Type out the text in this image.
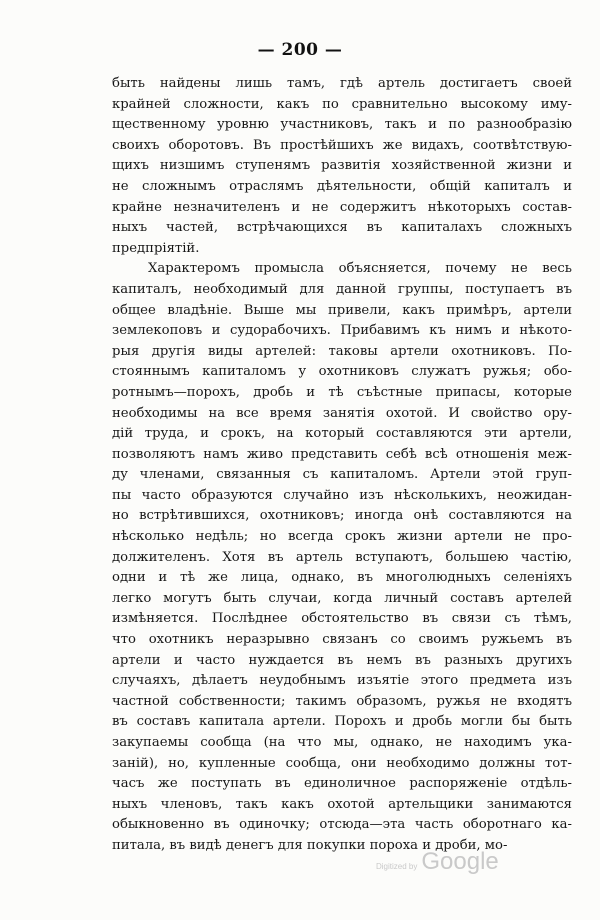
— 200 —
быть найдены лишь тамъ, гдѣ артель достигаетъ своей
крайней сложности, какъ по сравнительно высокому иму-
щественному уровню участниковъ, такъ и по разнообразію
своихъ оборотовъ. Въ простѣйшихъ же видахъ, соотвѣтствую-
щихъ низшимъ ступенямъ развитія хозяйственной жизни и
не сложнымъ отраслямъ дѣятельности, общій капиталъ и
крайне незначителенъ и не содержитъ нѣкоторыхъ состав-
ныхъ частей, встрѣчающихся въ капиталахъ сложныхъ
предпріятій.
Характеромъ промысла объясняется, почему не весь
капиталъ, необходимый для данной группы, поступаетъ въ
общее владѣніе. Выше мы привели, какъ примѣръ, артели
землекоповъ и судорабочихъ. Прибавимъ къ нимъ и нѣкото-
рыя другія виды артелей: таковы артели охотниковъ. По-
стояннымъ капиталомъ у охотниковъ служатъ ружья; обо-
ротнымъ—порохъ, дробь и тѣ съѣстные припасы, которые
необходимы на все время занятія охотой. И свойство ору-
дій труда, и срокъ, на который составляются эти артели,
позволяютъ намъ живо представить себѣ всѣ отношенія меж-
ду членами, связанныя съ капиталомъ. Артели этой груп-
пы часто образуются случайно изъ нѣсколькихъ, неожидан-
но встрѣтившихся, охотниковъ; иногда онѣ составляются на
нѣсколько недѣль; но всегда срокъ жизни артели не про-
должителенъ. Хотя въ артель вступаютъ, большею частію,
одни и тѣ же лица, однако, въ многолюдныхъ селеніяхъ
легко могутъ быть случаи, когда личный составъ артелей
измѣняется. Послѣднее обстоятельство въ связи съ тѣмъ,
что охотникъ неразрывно связанъ со своимъ ружьемъ въ
артели и часто нуждается въ немъ въ разныхъ другихъ
случаяхъ, дѣлаетъ неудобнымъ изъятіе этого предмета изъ
частной собственности; такимъ образомъ, ружья не входятъ
въ составъ капитала артели. Порохъ и дробь могли бы быть
закупаемы сообща (на что мы, однако, не находимъ ука-
заній), но, купленные сообща, они необходимо должны тот-
часъ же поступать въ единоличное распоряженіе отдѣль-
ныхъ членовъ, такъ какъ охотой артельщики занимаются
обыкновенно въ одиночку; отсюда—эта часть оборотнаго ка-
питала, въ видѣ денегъ для покупки пороха и дроби, мо-
Digitized by Google
